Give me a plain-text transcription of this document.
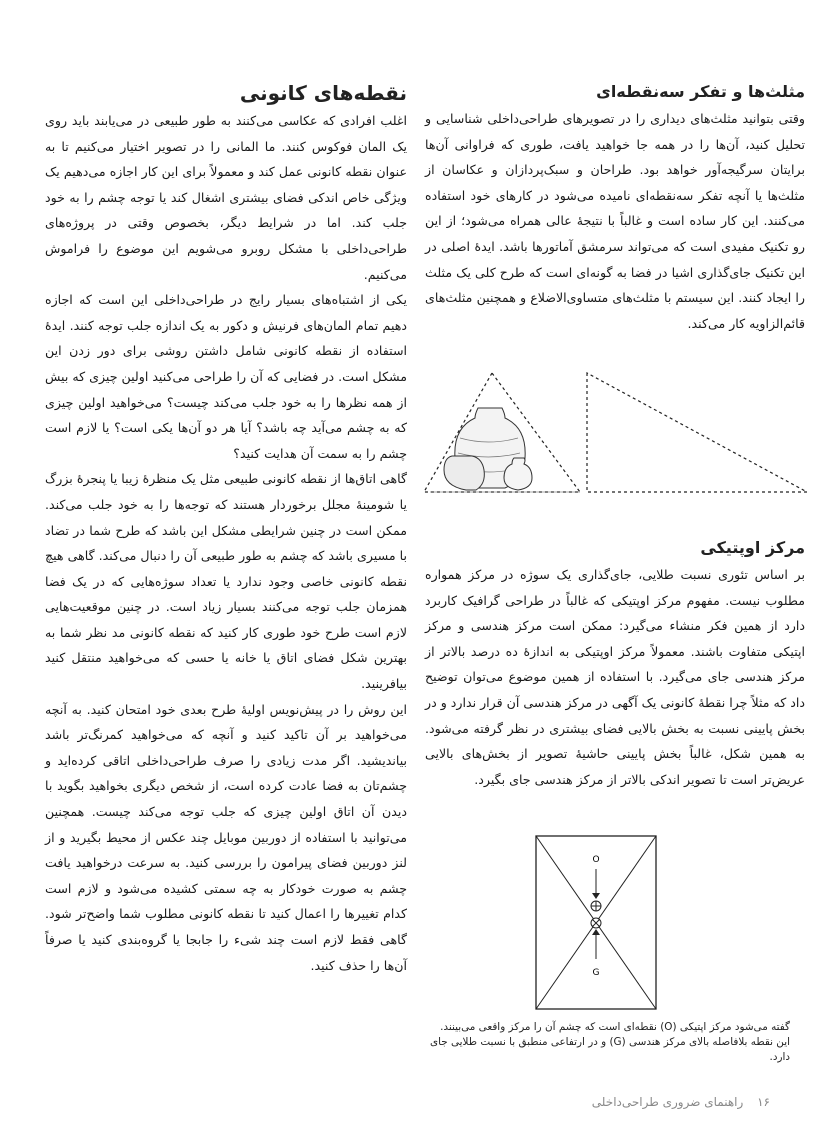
مثلث‌ها و تفکر سه‌نقطه‌ای

وقتی بتوانید مثلث‌های دیداری را در تصویرهای طراحی‌داخلی شناسایی و تحلیل کنید، آن‌ها را در همه جا خواهید یافت، طوری که فراوانی آن‌ها برایتان سرگیجه‌آور خواهد بود. طراحان و سبک‌پردازان و عکاسان از مثلث‌ها یا آنچه تفکر سه‌نقطه‌ای نامیده می‌شود در کارهای خود استفاده می‌کنند. این کار ساده است و غالباً با نتیجهٔ عالی همراه می‌شود؛ از این رو تکنیک مفیدی است که می‌تواند سرمشق آماتورها باشد. ایدهٔ اصلی در این تکنیک جای‌گذاری اشیا در فضا به گونه‌ای است که طرح کلی یک مثلث را ایجاد کنند. این سیستم با مثلث‌های متساوی‌الاضلاع و همچنین مثلث‌های قائم‌الزاویه کار می‌کند.

مرکز اوپتیکی

بر اساس تئوری نسبت طلایی، جای‌گذاری یک سوژه در مرکز همواره مطلوب نیست. مفهوم مرکز اوپتیکی که غالباً در طراحی گرافیک کاربرد دارد از همین فکر منشاء می‌گیرد: ممکن است مرکز هندسی و مرکز اپتیکی متفاوت باشند. معمولاً مرکز اوپتیکی به اندازهٔ ده درصد بالاتر از مرکز هندسی جای می‌گیرد. با استفاده از همین موضوع می‌توان توضیح داد که مثلاً چرا نقطهٔ کانونی یک آگهی در مرکز هندسی آن قرار ندارد و در بخش پایینی نسبت به بخش بالایی فضای بیشتری در نظر گرفته می‌شود. به همین شکل، غالباً بخش پایینی حاشیهٔ تصویر از بخش‌های بالایی عریض‌تر است تا تصویر اندکی بالاتر از مرکز هندسی جای بگیرد.

O
G
گفته می‌شود مرکز اپتیکی (O) نقطه‌ای است که چشم آن را مرکز واقعی می‌بینند. این نقطه بلافاصله بالای مرکز هندسی (G) و در ارتفاعی منطبق با نسبت طلایی جای دارد.
نقطه‌های کانونی

اغلب افرادی که عکاسی می‌کنند به طور طبیعی در می‌یابند باید روی یک المان فوکوس کنند. ما المانی را در تصویر اختیار می‌کنیم تا به عنوان نقطه کانونی عمل کند و معمولاً برای این کار اجازه می‌دهیم یک ویژگی خاص اندکی فضای بیشتری اشغال کند یا توجه چشم را به خود جلب کند. اما در شرایط دیگر، بخصوص وقتی در پروژه‌های طراحی‌داخلی با مشکل روبرو می‌شویم این موضوع را فراموش می‌کنیم.

یکی از اشتباه‌های بسیار رایج در طراحی‌داخلی این است که اجازه دهیم تمام المان‌های فرنیش و دکور به یک اندازه جلب توجه کنند. ایدهٔ استفاده از نقطه کانونی شامل داشتن روشی برای دور زدن این مشکل است. در فضایی که آن را طراحی می‌کنید اولین چیزی که بیش از همه نظرها را به خود جلب می‌کند چیست؟ می‌خواهید اولین چیزی که به چشم می‌آید چه باشد؟ آیا هر دو آن‌ها یکی است؟ یا لازم است چشم را به سمت آن هدایت کنید؟

گاهی اتاق‌ها از نقطه کانونی طبیعی مثل یک منظرهٔ زیبا یا پنجرهٔ بزرگ یا شومینهٔ مجلل برخوردار هستند که توجه‌ها را به خود جلب می‌کند. ممکن است در چنین شرایطی مشکل این باشد که طرح شما در تضاد با مسیری باشد که چشم به طور طبیعی آن را دنبال می‌کند. گاهی هیچ نقطه کانونی خاصی وجود ندارد یا تعداد سوژه‌هایی که در یک فضا همزمان جلب توجه می‌کنند بسیار زیاد است. در چنین موقعیت‌هایی لازم است طرح خود طوری کار کنید که نقطه کانونی مد نظر شما به بهترین شکل فضای اتاق یا خانه یا حسی که می‌خواهید منتقل کنید بیافرینید.

این روش را در پیش‌نویس اولیهٔ طرح بعدی خود امتحان کنید. به آنچه می‌خواهید بر آن تاکید کنید و آنچه که می‌خواهید کمرنگ‌تر باشد بیاندیشید. اگر مدت زیادی را صرف طراحی‌داخلی اتاقی کرده‌اید و چشم‌تان به فضا عادت کرده است، از شخص دیگری بخواهید بگوید با دیدن آن اتاق اولین چیزی که جلب توجه می‌کند چیست. همچنین می‌توانید با استفاده از دوربین موبایل چند عکس از محیط بگیرید و از لنز دوربین فضای پیرامون را بررسی کنید. به سرعت درخواهید یافت چشم به صورت خودکار به چه سمتی کشیده می‌شود و لازم است کدام تغییرها را اعمال کنید تا نقطه کانونی مطلوب شما واضح‌تر شود. گاهی فقط لازم است چند شیء را جابجا یا گروه‌بندی کنید یا صرفاً آن‌ها را حذف کنید.

۱۶ راهنمای ضروری طراحی‌داخلی
